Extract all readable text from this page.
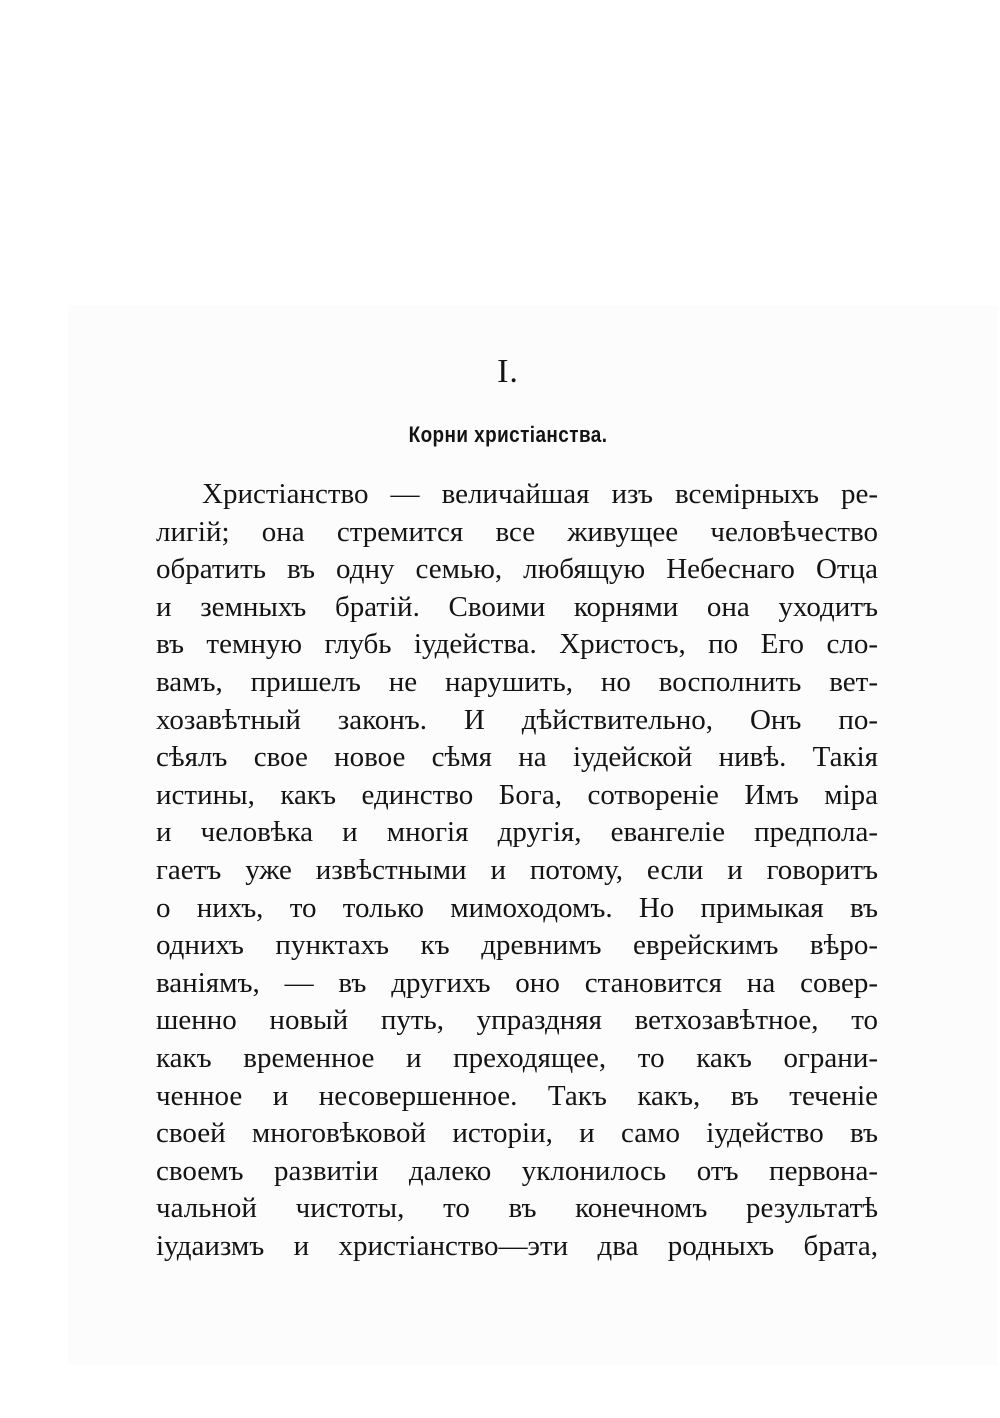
I.
Корни христіанства.
Христіанство — величайшая изъ всемірныхъ ре-
лигій; она стремится все живущее человѣчество
обратить въ одну семью, любящую Небеснаго Отца
и земныхъ братій. Своими корнями она уходитъ
въ темную глубь іудейства. Христосъ, по Его сло-
вамъ, пришелъ не нарушить, но восполнить вет-
хозавѣтный законъ. И дѣйствительно, Онъ по-
сѣялъ свое новое сѣмя на іудейской нивѣ. Такія
истины, какъ единство Бога, сотвореніе Имъ міра
и человѣка и многія другія, евангеліе предпола-
гаетъ уже извѣстными и потому, если и говоритъ
о нихъ, то только мимоходомъ. Но примыкая въ
однихъ пунктахъ къ древнимъ еврейскимъ вѣро-
ваніямъ, — въ другихъ оно становится на совер-
шенно новый путь, упраздняя ветхозавѣтное, то
какъ временное и преходящее, то какъ ограни-
ченное и несовершенное. Такъ какъ, въ теченіе
своей многовѣковой исторіи, и само іудейство въ
своемъ развитіи далеко уклонилось отъ первона-
чальной чистоты, то въ конечномъ результатѣ
іудаизмъ и христіанство—эти два родныхъ брата,
